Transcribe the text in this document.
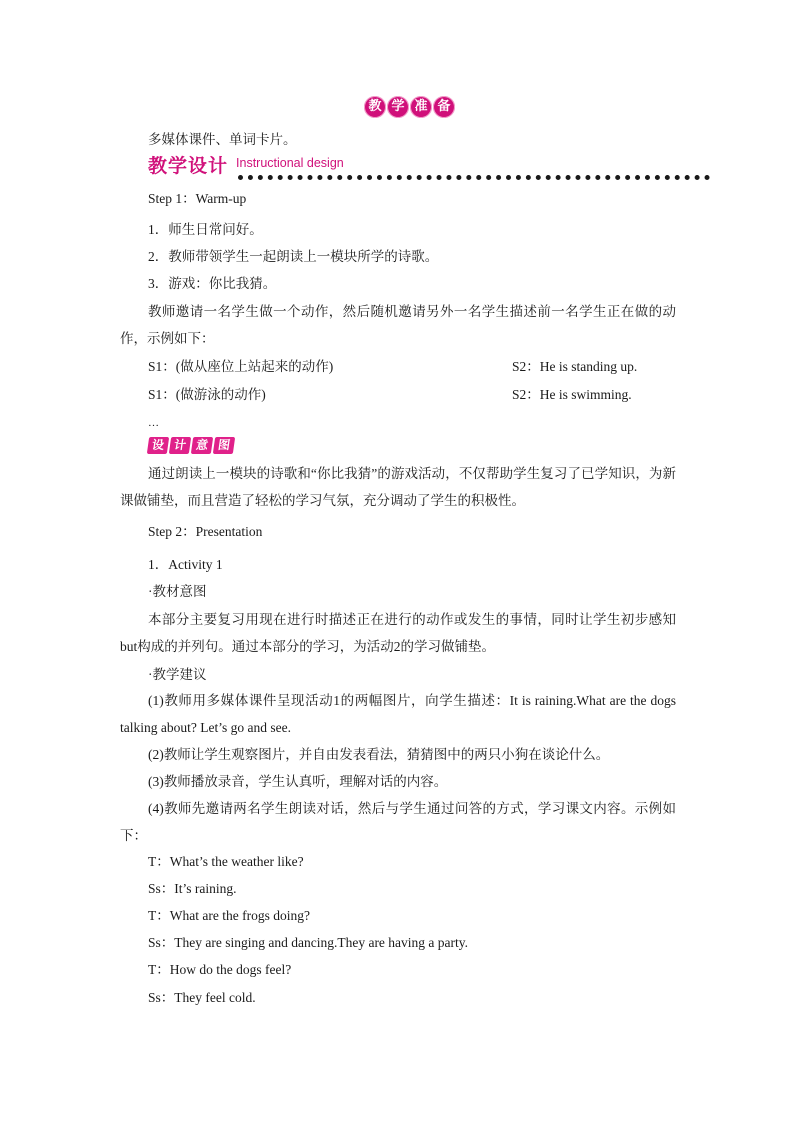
教 学 准 备
多媒体课件、单词卡片。
教学设计 Instructional design
Step 1：Warm-up
1．师生日常问好。
2．教师带领学生一起朗读上一模块所学的诗歌。
3．游戏：你比我猜。
教师邀请一名学生做一个动作，然后随机邀请另外一名学生描述前一名学生正在做的动作，示例如下：
S1：(做从座位上站起来的动作)	S2：He is standing up.
S1：(做游泳的动作)	S2：He is swimming.
…
设 计 意 图
通过朗读上一模块的诗歌和“你比我猜”的游戏活动，不仅帮助学生复习了已学知识，为新课做铺垫，而且营造了轻松的学习气氛，充分调动了学生的积极性。
Step 2：Presentation
1．Activity 1
·教材意图
本部分主要复习用现在进行时描述正在进行的动作或发生的事情，同时让学生初步感知but构成的并列句。通过本部分的学习，为活动2的学习做铺垫。
·教学建议
(1)教师用多媒体课件呈现活动1的两幅图片，向学生描述：It is raining.What are the dogs talking about? Let’s go and see.
(2)教师让学生观察图片，并自由发表看法，猜猜图中的两只小狗在谈论什么。
(3)教师播放录音，学生认真听，理解对话的内容。
(4)教师先邀请两名学生朗读对话，然后与学生通过问答的方式，学习课文内容。示例如下：
T：What’s the weather like?
Ss：It’s raining.
T：What are the frogs doing?
Ss：They are singing and dancing.They are having a party.
T：How do the dogs feel?
Ss：They feel cold.
